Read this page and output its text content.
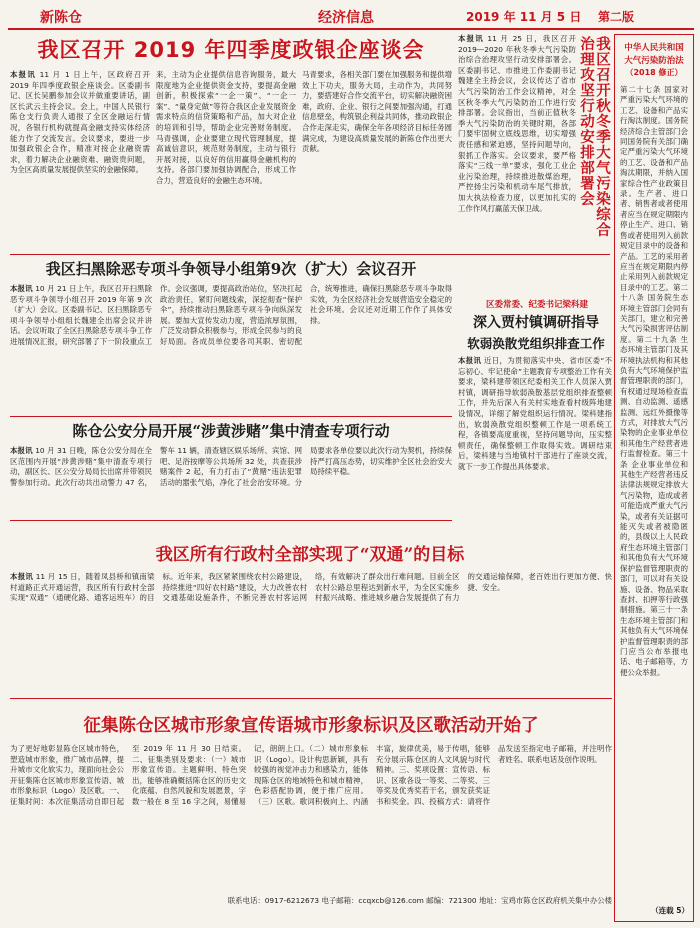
新陈仓	经济信息	2019 年 11 月 5 日 第二版
我区召开 2019 年四季度政银企座谈会
本报讯 11 月 1 日上午，区政府召开 2019 年四季度政银企座谈会。区委副书记、区长吴鹏参加会议并做重要讲话，副区长武云主持会议。会上，中国人民银行陈仓支行负责人通报了全区金融运行情况，各银行机构就提高金融支持实体经济能力作了交流发言。会议要求，要进一步加强政银企合作，精准对接企业融资需求，着力解决企业融资难、融资贵问题，为全区高质量发展提供坚实的金融保障。
来，主动为企业提供信息咨询服务，最大限度地为企业提供资金支持，要提高金融创新，积极探索“一企一策”、“一企一案”、“量身定做”等符合我区企业发展资金需求特点的信贷策略和产品，加大对企业的培训和引导，帮助企业完善财务制度。马青强调，企业要建立现代管理制度，提高诚信意识，规范财务制度，主动与银行开展对接，以良好的信用赢得金融机构的支持。各部门要加强协调配合，形成工作合力，营造良好的金融生态环境。
马青要求，各相关部门要在加强服务和提供增效上下功夫，服务大局，主动作为，共同努力，要搭建好合作交流平台，切实解决融资困难，政府、企业、银行之间要加强沟通，打通信息壁垒，构筑银企利益共同体，推动政银企合作走深走实，确保全年各项经济目标任务圆满完成，为建设高质量发展的新陈仓作出更大贡献。
本报讯 11 月 25 日，我区召开 2019—2020 年秋冬季大气污染防治综合治理攻坚行动安排部署会。区委副书记、市推进工作委副书记魏建全主持会议，会议传达了省市大气污染防治工作会议精神，对全区秋冬季大气污染防治工作进行安排部署。会议指出，当前正值秋冬季大气污染防治的关键时期，各部门要牢固树立底线思维，切实增强责任感和紧迫感，坚持问题导向，狠抓工作落实。会议要求，要严格落实“三线一单”要求，强化工业企业污染治理，持续推进散煤治理，严控扬尘污染和机动车尾气排放，加大执法检查力度，以更加扎实的工作作风打赢蓝天保卫战。	我区召开秋冬季大气污染综合治理攻坚行动安排部署会
我区扫黑除恶专项斗争领导小组第9次（扩大）会议召开
本报讯 10 月 21 日上午，我区召开扫黑除恶专项斗争领导小组召开 2019 年第 9 次（扩大）会议。区委副书记、区扫黑除恶专项斗争领导小组组长魏建全出席会议并讲话。会议听取了全区扫黑除恶专项斗争工作进展情况汇报，研究部署了下一阶段重点工作。会议强调，要提高政治站位，坚决扛起政治责任，紧盯问题线索，深挖彻查“保护伞”，持续推动扫黑除恶专项斗争向纵深发展。要加大宣传发动力度，营造浓厚氛围，广泛发动群众积极参与，形成全民参与的良好局面。各成员单位要各司其职、密切配合，统筹推进，确保扫黑除恶专项斗争取得实效，为全区经济社会发展营造安全稳定的社会环境。会议还对近期工作作了具体安排。
区委常委、纪委书记梁科建
深入贾村镇调研指导
软弱涣散党组织排查工作
本报讯 近日，为贯彻落实中央、省市区委“不忘初心、牢记使命”主题教育专项整治工作有关要求，梁科建带领区纪委相关工作人员深入贾村镇，调研指导软弱涣散基层党组织排查整顿工作，并先后深入有关村实地查看村级阵地建设情况，详细了解党组织运行情况。梁科建指出，软弱涣散党组织整顿工作是一项系统工程，各镇要高度重视，坚持问题导向，压实整顿责任，确保整顿工作取得实效。调研结束后，梁科建与当地镇村干部进行了座谈交流，就下一步工作提出具体要求。
陈仓公安分局开展“涉黄涉赌”集中清查专项行动
本报讯 10 月 31 日晚，陈仓公安分局在全区范围内开展“涉黄涉赌”集中清查专项行动，副区长、区公安分局局长出席并带领民警参加行动。此次行动共出动警力 47 名，警车 11 辆，清查辖区娱乐场所、宾馆、网吧、足浴按摩等公共场所 32 处，共查获涉赌案件 2 起，有力打击了“黄赌”违法犯罪活动的嚣张气焰，净化了社会治安环境。分局要求各单位要以此次行动为契机，持续保持严打高压态势，切实维护全区社会治安大局持续平稳。
我区所有行政村全部实现了“双通”的目标
本报讯 11 月 15 日，随着凤县桥和镇南梁村道路正式开通运营，我区所有行政村全部实现“双通”（通硬化路、通客运班车）的目标。近年来，我区紧紧围绕农村公路建设，持续推进“四好农村路”建设，大力改善农村交通基础设施条件，不断完善农村客运网络，有效解决了群众出行难问题。目前全区农村公路总里程达到新水平，为全区实施乡村振兴战略、推进城乡融合发展提供了有力的交通运输保障，老百姓出行更加方便、快捷、安全。
征集陈仓区城市形象宣传语城市形象标识及区歌活动开始了
为了更好地彰显陈仓区城市特色，塑造城市形象，推广城市品牌，提升城市文化软实力，现面向社会公开征集陈仓区城市形象宣传语、城市形象标识（Logo）及区歌。一、征集时间：本次征集活动自即日起至 2019 年 11 月 30 日结束。二、征集类别及要求：（一）城市形象宣传语。主题鲜明、特色突出，能够准确概括陈仓区的历史文化底蕴、自然风貌和发展愿景，字数一般在 8 至 16 字之间，易懂易记，朗朗上口。（二）城市形象标识（Logo）。设计构思新颖，具有较强的视觉冲击力和感染力，能体现陈仓区的地域特色和城市精神，色彩搭配协调，便于推广应用。（三）区歌。歌词积极向上、内涵丰富，旋律优美，易于传唱，能够充分展示陈仓区的人文风貌与时代精神。三、奖项设置：宣传语、标识、区歌各设一等奖、二等奖、三等奖及优秀奖若干名，颁发获奖证书和奖金。四、投稿方式：请将作品发送至指定电子邮箱，并注明作者姓名、联系电话及创作说明。
联系电话：0917-6212673 电子邮箱：ccqxcb@126.com 邮编：721300 地址：宝鸡市陈仓区政府机关集中办公楼
中华人民共和国
大气污染防治法
（2018 修正）
第二十七条 国家对严重污染大气环境的工艺、设备和产品实行淘汰制度。国务院经济综合主管部门会同国务院有关部门确定严重污染大气环境的工艺、设备和产品淘汰期限，并纳入国家综合性产业政策目录。生产者、进口者、销售者或者使用者应当在规定期限内停止生产、进口、销售或者使用列入前款规定目录中的设备和产品。工艺的采用者应当在规定期限内停止采用列入前款规定目录中的工艺。第二十八条 国务院生态环境主管部门会同有关部门，建立和完善大气污染损害评估制度。第二十九条 生态环境主管部门及其环境执法机构和其他负有大气环境保护监督管理职责的部门，有权通过现场检查监测、自动监测、遥感监测、远红外摄像等方式，对排放大气污染物的企业事业单位和其他生产经营者进行监督检查。第三十条 企业事业单位和其他生产经营者违反法律法规规定排放大气污染物，造成或者可能造成严重大气污染，或者有关证据可能灭失或者被隐匿的，县级以上人民政府生态环境主管部门和其他负有大气环境保护监督管理职责的部门，可以对有关设施、设备、物品采取查封、扣押等行政强制措施。第三十一条 生态环境主管部门和其他负有大气环境保护监督管理职责的部门应当公布举报电话、电子邮箱等，方便公众举报。
（连载 5）
